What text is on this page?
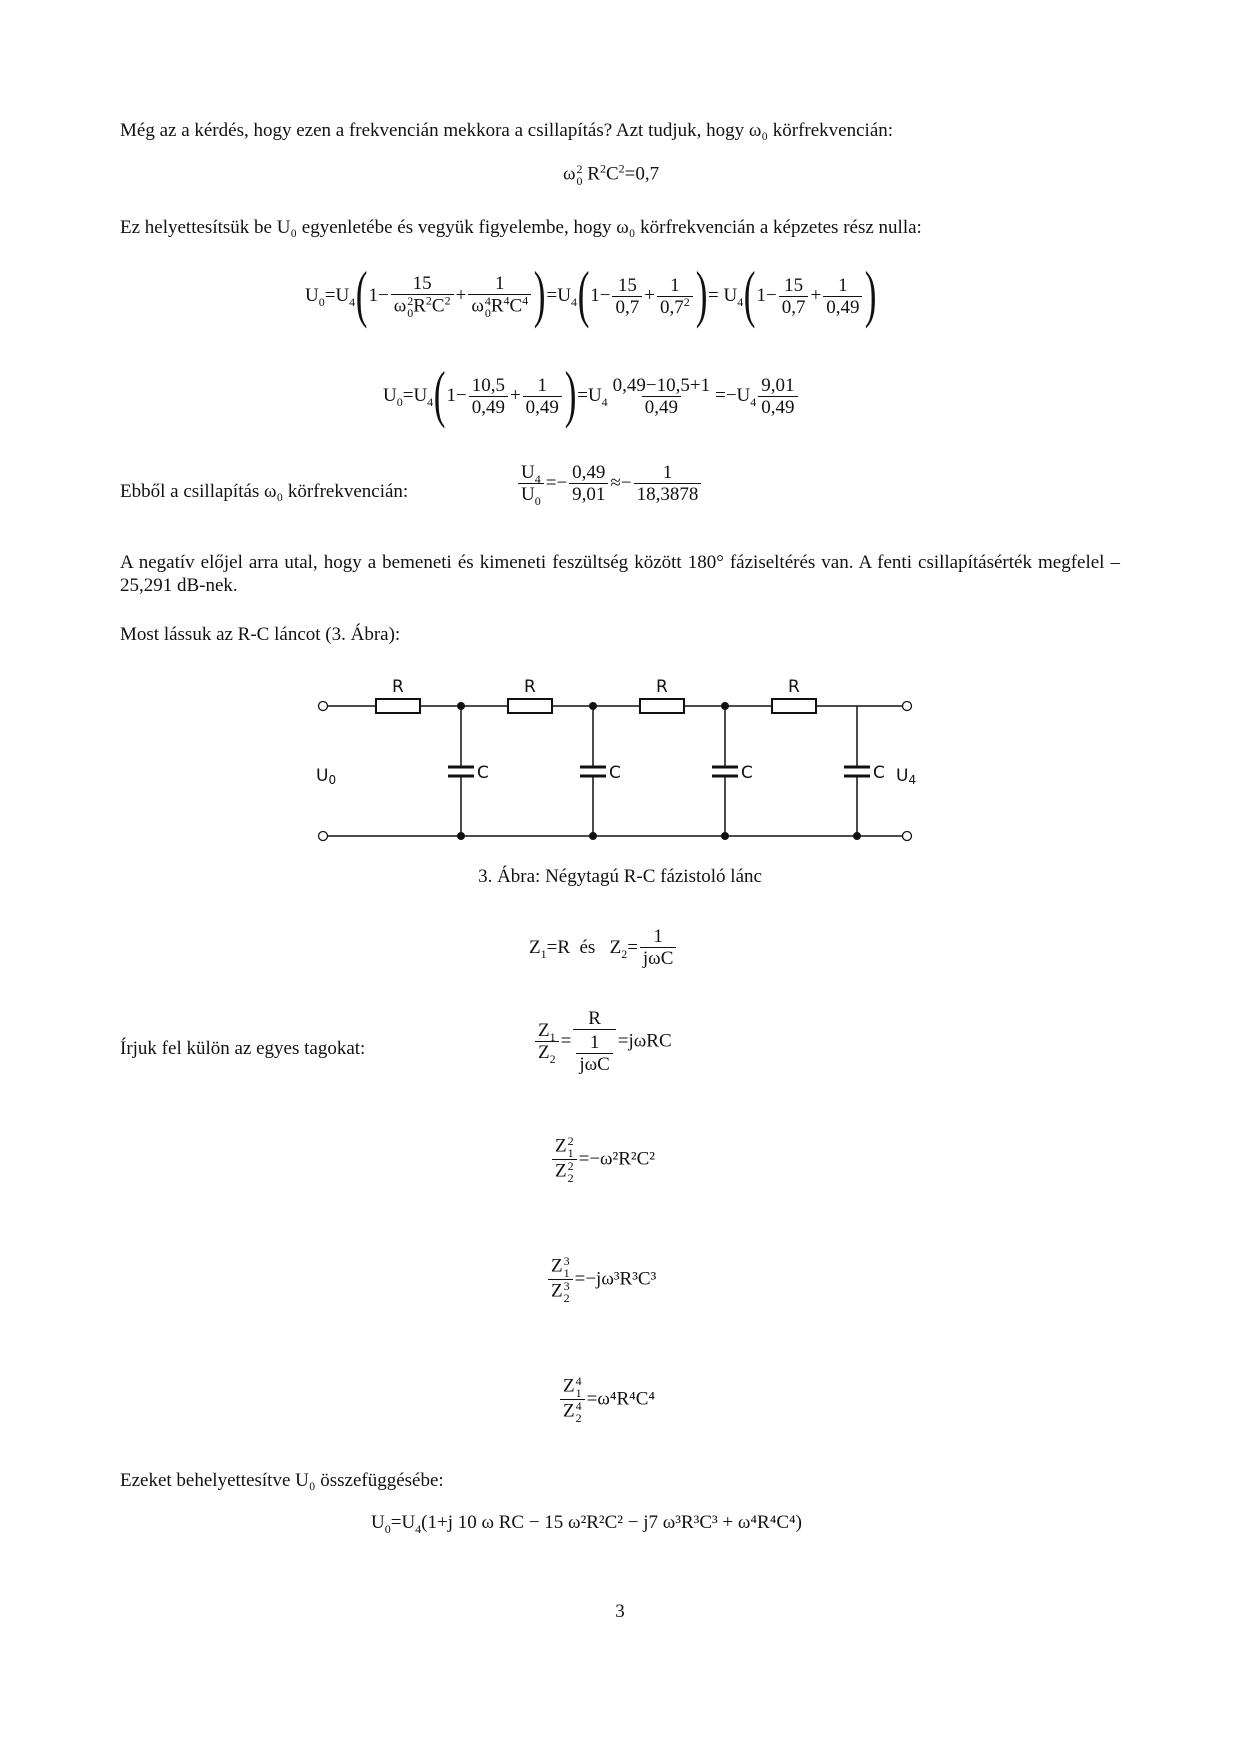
Még az a kérdés, hogy ezen a frekvencián mekkora a csillapítás? Azt tudjuk, hogy ω₀ körfrekvencián:
ω 2
0 $R^2C^2=0,7$
Ez helyettesítsük be U₀ egyenletébe és vegyük figyelembe, hogy ω₀ körfrekvencián a képzetes rész nulla:
$U_0=U_4(1- 15$
ω 2
0 $R^2C^2 + 1$
ω 4
0 $R^4C^4$ )$=U_4(1- \frac{15}{0,7} + \frac{1}{0,7^2}$ )= $U_4(1- \frac{15}{0,7} + \frac{1}{0,49}$ )
$U_0=U_4(1- \frac{10,5}{0,49} + \frac{1}{0,49} )=U_4 \frac{0,49-10,5+1}{0,49} =-U_4 \frac{9,01}{0,49}$
Ebből a csillapítás ω₀ körfrekvencián:	$\frac{U_4}{U_0} =- \frac{0,49}{9,01} \approx- \frac{1}{18,3878}$
A negatív előjel arra utal, hogy a bemeneti és kimeneti feszültség között 180° fáziseltérés van. A fenti csillapításérték megfelel – 25,291 dB-nek.
Most lássuk az R-C láncot (3. Ábra):
R	R	R	R
C	C	C	C
U0	U4
3. Ábra: Négytagú R-C fázistoló lánc
$Z_1=R$ és   $Z_2= 1$
jωC
Írjuk fel külön az egyes tagokat:	$\frac{Z_1}{Z_2}$ =
R
1
jωC
=jωRC
Z 2
1
Z 2
2 =−ω²R²C²
Z 3
1
Z 3
2 =−jω³R³C³
Z 4
1
Z 4
2 =ω⁴R⁴C⁴
Ezeket behelyettesítve U₀ összefüggésébe:
$U_0=U_4(1+j$ 10 ω RC − 15 ω²R²C² − j7 ω³R³C³ + ω⁴R⁴C⁴)
3
